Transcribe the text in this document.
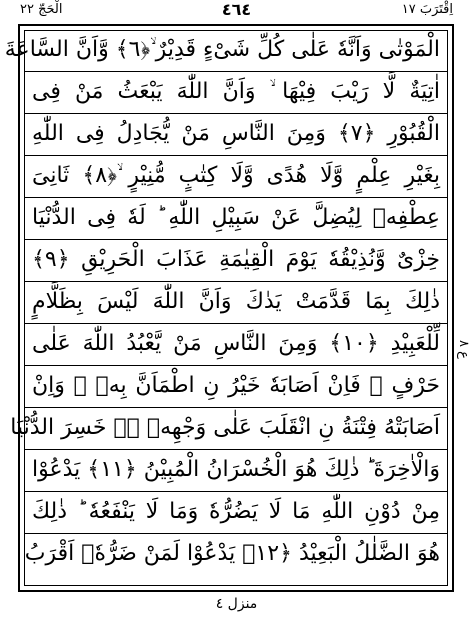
الْحَجّ ٢٢	٤٦٤	اِقْتَرَبَ ١٧
الْمَوْتٰى وَاَنَّهٗ عَلٰى كُلِّ شَیْءٍ قَدِیْرٌ ۙ﴿٦﴾ وَّاَنَّ السَّاعَةَ
اٰتِیَةٌ لَّا رَیْبَ فِیْهَا ۙ وَاَنَّ اللّٰهَ یَبْعَثُ مَنْ فِی
الْقُبُوْرِ ﴿٧﴾ وَمِنَ النَّاسِ مَنْ یُّجَادِلُ فِی اللّٰهِ
بِغَیْرِ عِلْمٍ وَّلَا هُدًى وَّلَا كِتٰبٍ مُّنِیْرٍ ۙ﴿٨﴾ ثَانِیَ
عِطْفِهٖ لِیُضِلَّ عَنْ سَبِیْلِ اللّٰهِ ؕ لَهٗ فِی الدُّنْیَا
خِزْیٌ وَّنُذِیْقُهٗ یَوْمَ الْقِیٰمَةِ عَذَابَ الْحَرِیْقِ ﴿٩﴾
ذٰلِكَ بِمَا قَدَّمَتْ یَدٰكَ وَاَنَّ اللّٰهَ لَیْسَ بِظَلَّامٍ
لِّلْعَبِیْدِ ﴿١٠﴾ وَمِنَ النَّاسِ مَنْ یَّعْبُدُ اللّٰهَ عَلٰى
حَرْفٍ ۚ فَاِنْ اَصَابَهٗ خَیْرُ نِ اطْمَاَنَّ بِهٖ ۚ وَاِنْ
اَصَابَتْهُ فِتْنَةُ نِ انْقَلَبَ عَلٰى وَجْهِهٖ ۚ۫ خَسِرَ الدُّنْیَا
وَالْاٰخِرَةَ ؕ ذٰلِكَ هُوَ الْخُسْرَانُ الْمُبِیْنُ ﴿١١﴾ یَدْعُوْا
مِنْ دُوْنِ اللّٰهِ مَا لَا یَضُرُّهٗ وَمَا لَا یَنْفَعُهٗ ؕ ذٰلِكَ
هُوَ الضَّلٰلُ الْبَعِیْدُ ﴿١٢﴾ یَدْعُوْا لَمَنْ ضَرُّهٗۤ اَقْرَبُ
ع ٨
منزل ٤
